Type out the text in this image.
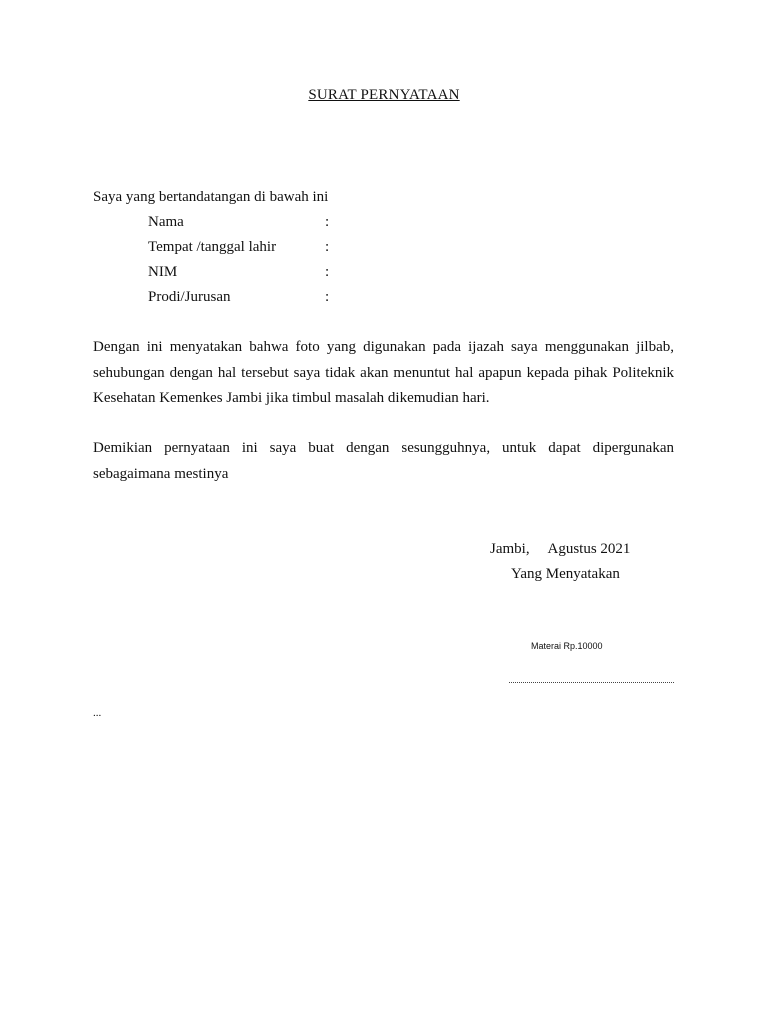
SURAT PERNYATAAN
Saya yang bertandatangan di bawah ini
Nama	:
Tempat /tanggal lahir	:
NIM	:
Prodi/Jurusan	:

Dengan ini menyatakan bahwa foto yang digunakan pada ijazah saya menggunakan jilbab, sehubungan dengan hal tersebut saya tidak akan menuntut hal apapun kepada pihak Politeknik Kesehatan Kemenkes Jambi jika timbul masalah dikemudian hari.

Demikian pernyataan ini saya buat dengan sesungguhnya, untuk dapat dipergunakan sebagaimana mestinya

Jambi,     Agustus 2021
Yang Menyatakan
Materai Rp.10000
...
